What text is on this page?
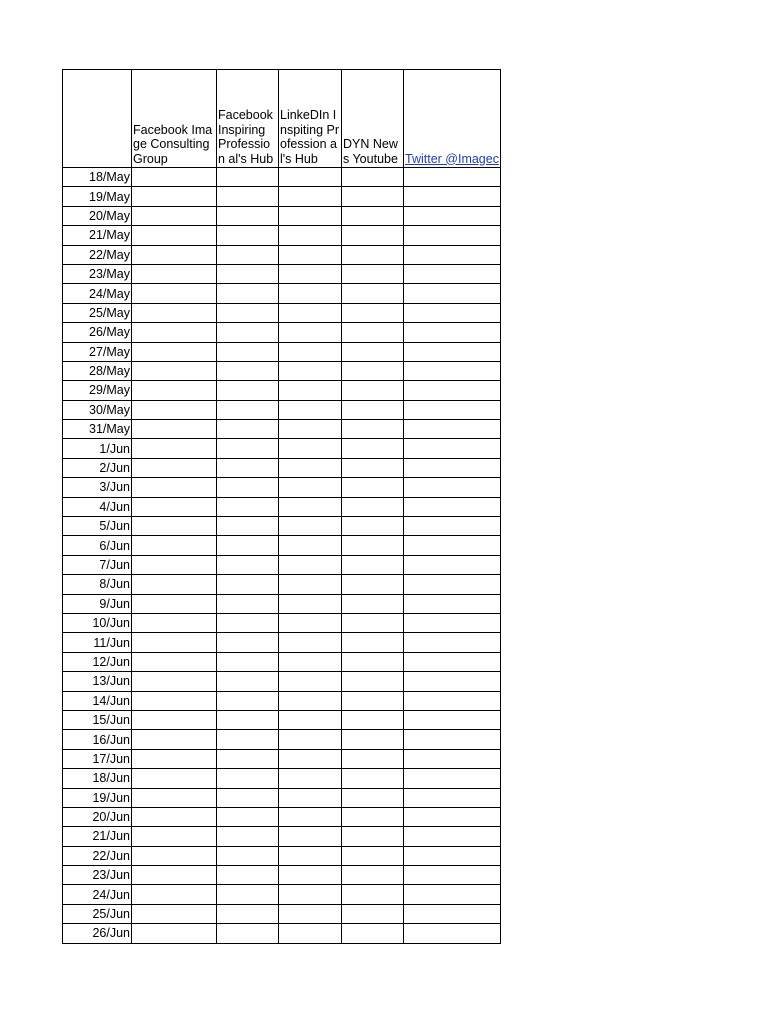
	Facebook Image Consulting Group	Facebook Inspiring Profession al's Hub	LinkeDIn Inspiting Profession al's Hub	DYN News Youtube	Twitter @Imagec

18/May					
19/May					
20/May					
21/May					
22/May					
23/May					
24/May					
25/May					
26/May					
27/May					
28/May					
29/May					
30/May					
31/May					
1/Jun					
2/Jun					
3/Jun					
4/Jun					
5/Jun					
6/Jun					
7/Jun					
8/Jun					
9/Jun					
10/Jun					
11/Jun					
12/Jun					
13/Jun					
14/Jun					
15/Jun					
16/Jun					
17/Jun					
18/Jun					
19/Jun					
20/Jun					
21/Jun					
22/Jun					
23/Jun					
24/Jun					
25/Jun					
26/Jun					
